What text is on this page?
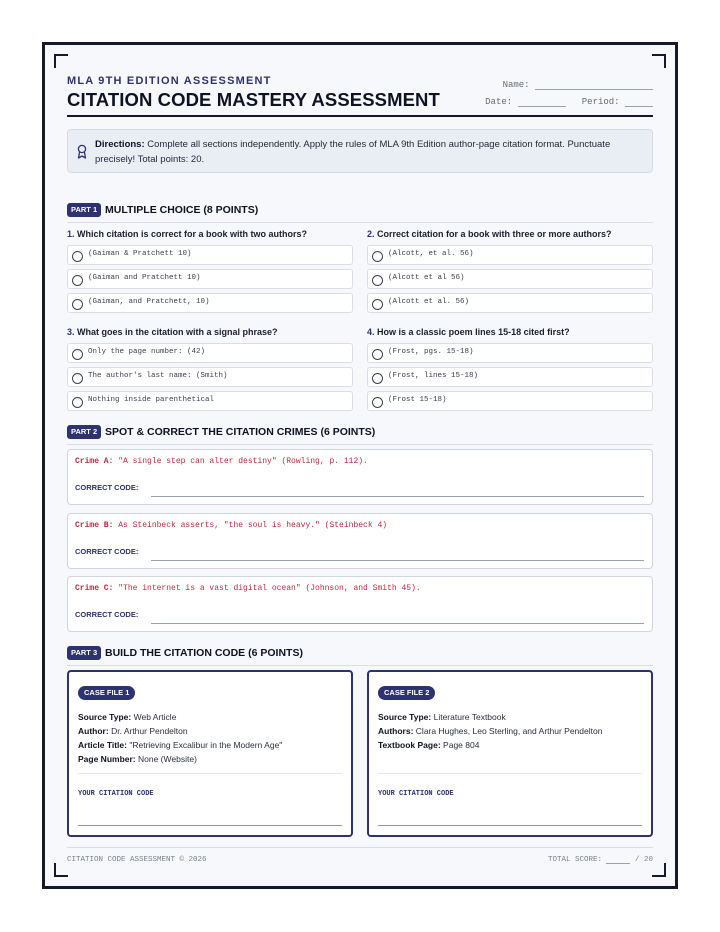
MLA 9TH EDITION ASSESSMENT
CITATION CODE MASTERY ASSESSMENT
Name:
Date:	Period:
Directions: Complete all sections independently. Apply the rules of MLA 9th Edition author-page citation format. Punctuate precisely! Total points: 20.
PART 1 MULTIPLE CHOICE (8 POINTS)
1. Which citation is correct for a book with two authors?
(Gaiman & Pratchett 10)
(Gaiman and Pratchett 10)
(Gaiman, and Pratchett, 10)
2. Correct citation for a book with three or more authors?
(Alcott, et al. 56)
(Alcott et al 56)
(Alcott et al. 56)
3. What goes in the citation with a signal phrase?
Only the page number: (42)
The author's last name: (Smith)
Nothing inside parenthetical
4. How is a classic poem lines 15-18 cited first?
(Frost, pgs. 15-18)
(Frost, lines 15-18)
(Frost 15-18)
PART 2 SPOT & CORRECT THE CITATION CRIMES (6 POINTS)
Crime A: "A single step can alter destiny" (Rowling, p. 112).
CORRECT CODE:
Crime B: As Steinbeck asserts, "the soul is heavy." (Steinbeck 4)
CORRECT CODE:
Crime C: "The internet is a vast digital ocean" (Johnson, and Smith 45).
CORRECT CODE:
PART 3 BUILD THE CITATION CODE (6 POINTS)
CASE FILE 1
Source Type: Web Article
Author: Dr. Arthur Pendelton
Article Title: "Retrieving Excalibur in the Modern Age"
Page Number: None (Website)
YOUR CITATION CODE
CASE FILE 2
Source Type: Literature Textbook
Authors: Clara Hughes, Leo Sterling, and Arthur Pendelton
Textbook Page: Page 804
YOUR CITATION CODE
CITATION CODE ASSESSMENT © 2026	TOTAL SCORE:	/ 20
